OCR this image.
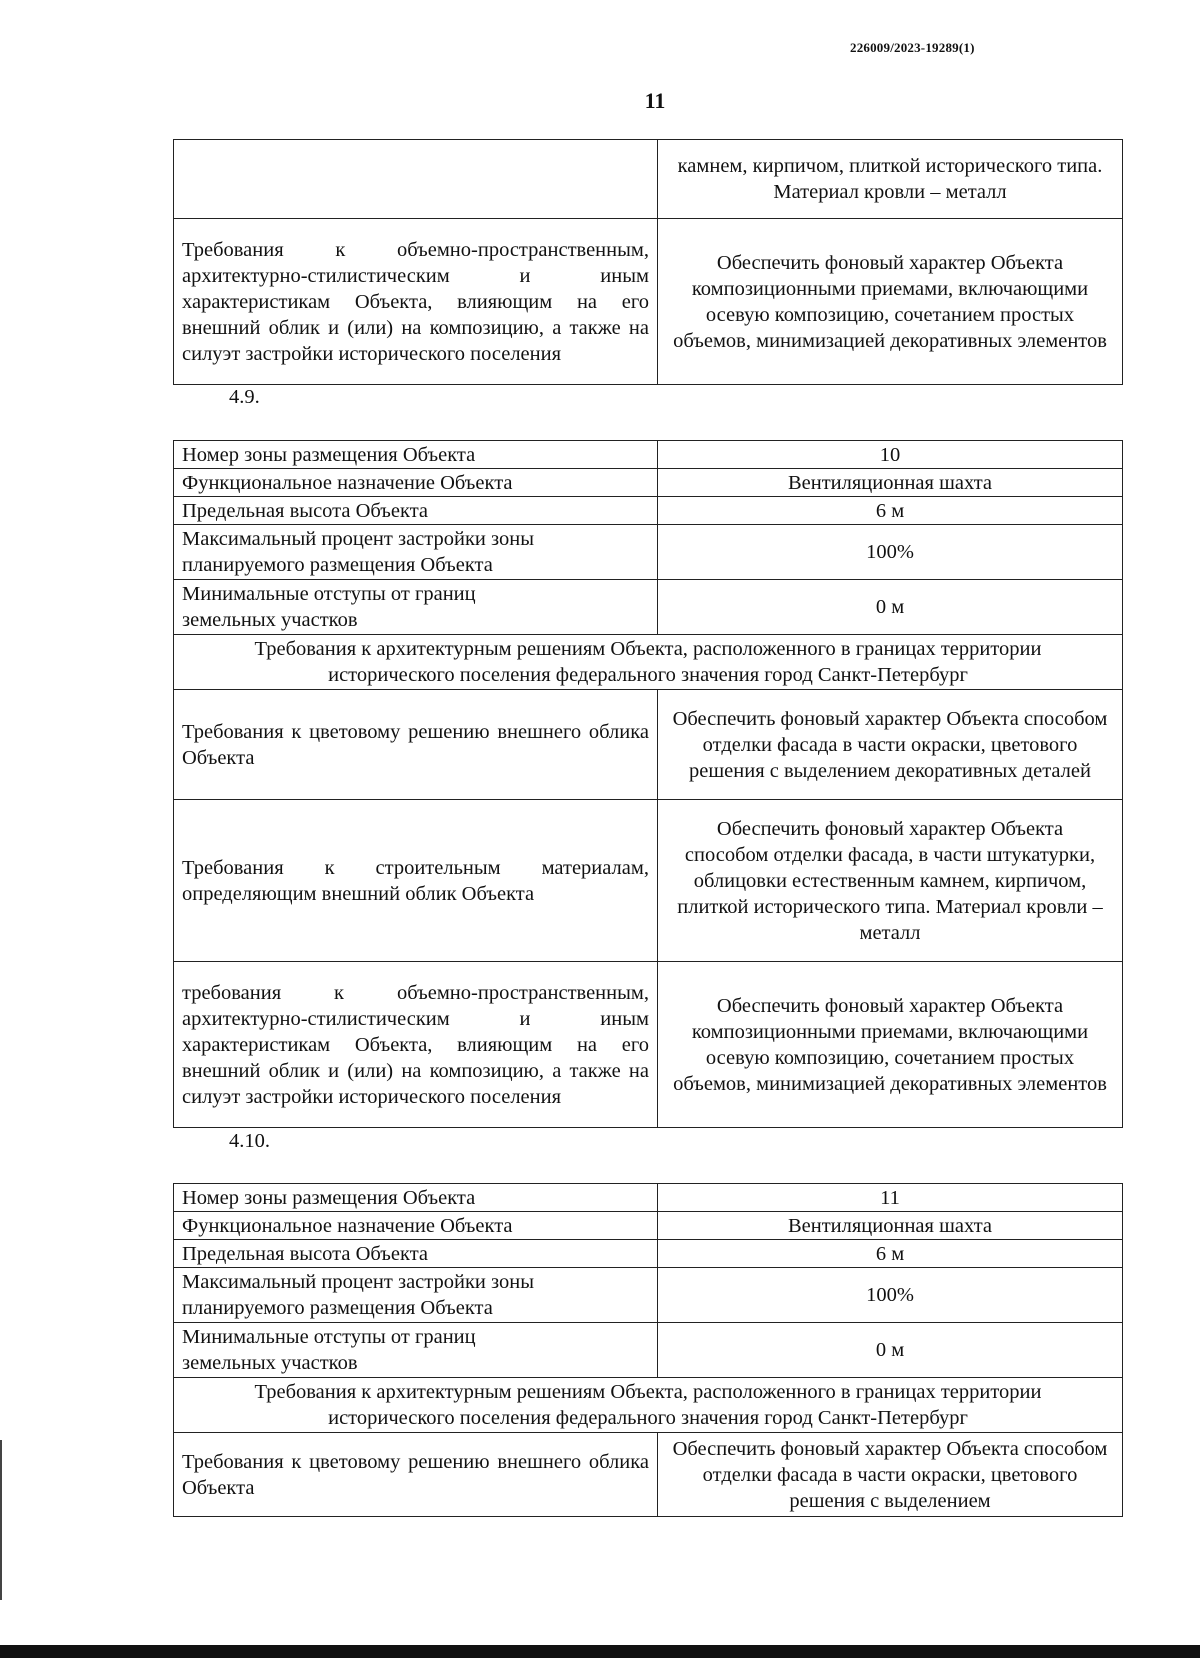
226009/2023-19289(1)
11
	камнем, кирпичом, плиткой исторического типа. Материал кровли – металл
Требования к объемно-пространственным, архитектурно-стилистическим и иным характеристикам Объекта, влияющим на его внешний облик и (или) на композицию, а также на силуэт застройки исторического поселения	Обеспечить фоновый характер Объекта композиционными приемами, включающими осевую композицию, сочетанием простых объемов, минимизацией декоративных элементов
4.9.
Номер зоны размещения Объекта	10
Функциональное назначение Объекта	Вентиляционная шахта
Предельная высота Объекта	6 м
Максимальный процент застройки зоны планируемого размещения Объекта	100%
Минимальные отступы от границ земельных участков	0 м
Требования к архитектурным решениям Объекта, расположенного в границах территории исторического поселения федерального значения город Санкт-Петербург	
Требования к цветовому решению внешнего облика Объекта	Обеспечить фоновый характер Объекта способом отделки фасада в части окраски, цветового решения с выделением декоративных деталей
Требования к строительным материалам, определяющим внешний облик Объекта	Обеспечить фоновый характер Объекта способом отделки фасада, в части штукатурки, облицовки естественным камнем, кирпичом, плиткой исторического типа. Материал кровли – металл
требования к объемно-пространственным, архитектурно-стилистическим и иным характеристикам Объекта, влияющим на его внешний облик и (или) на композицию, а также на силуэт застройки исторического поселения	Обеспечить фоновый характер Объекта композиционными приемами, включающими осевую композицию, сочетанием простых объемов, минимизацией декоративных элементов
4.10.
Номер зоны размещения Объекта	11
Функциональное назначение Объекта	Вентиляционная шахта
Предельная высота Объекта	6 м
Максимальный процент застройки зоны планируемого размещения Объекта	100%
Минимальные отступы от границ земельных участков	0 м
Требования к архитектурным решениям Объекта, расположенного в границах территории исторического поселения федерального значения город Санкт-Петербург	
Требования к цветовому решению внешнего облика Объекта	Обеспечить фоновый характер Объекта способом отделки фасада в части окраски, цветового решения с выделением
